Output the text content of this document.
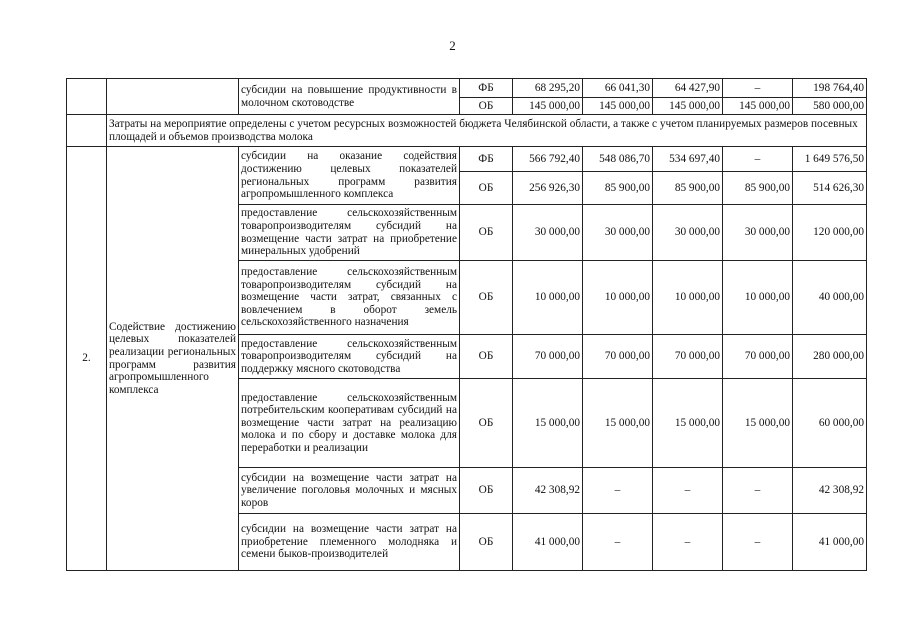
2
		субсидии на повышение продуктивности в молочном скотоводстве	ФБ	68 295,20	66 041,30	64 427,90	–	198 764,40
			ОБ	145 000,00	145 000,00	145 000,00	145 000,00	580 000,00
	Затраты на мероприятие определены с учетом ресурсных возможностей бюджета Челябинской области, а также с учетом планируемых размеров посевных площадей и объемов производства молока							
2.	Содействие достижению целевых показателей реализации региональных программ развития агропромышленного комплекса	субсидии на оказание содействия достижению целевых показателей региональных программ развития агропромышленного комплекса	ФБ	566 792,40	548 086,70	534 697,40	–	1 649 576,50
			ОБ	256 926,30	85 900,00	85 900,00	85 900,00	514 626,30
		предоставление сельскохозяйственным товаропроизводителям субсидий на возмещение части затрат на приобретение минеральных удобрений	ОБ	30 000,00	30 000,00	30 000,00	30 000,00	120 000,00
		предоставление сельскохозяйственным товаропроизводителям субсидий на возмещение части затрат, связанных с вовлечением в оборот земель сельскохозяйственного назначения	ОБ	10 000,00	10 000,00	10 000,00	10 000,00	40 000,00
		предоставление сельскохозяйственным товаропроизводителям субсидий на поддержку мясного скотоводства	ОБ	70 000,00	70 000,00	70 000,00	70 000,00	280 000,00
		предоставление сельскохозяйственным потребительским кооперативам субсидий на возмещение части затрат на реализацию молока и по сбору и доставке молока для переработки и реализации	ОБ	15 000,00	15 000,00	15 000,00	15 000,00	60 000,00
		субсидии на возмещение части затрат на увеличение поголовья молочных и мясных коров	ОБ	42 308,92	–	–	–	42 308,92
		субсидии на возмещение части затрат на приобретение племенного молодняка и семени быков-производителей	ОБ	41 000,00	–	–	–	41 000,00
